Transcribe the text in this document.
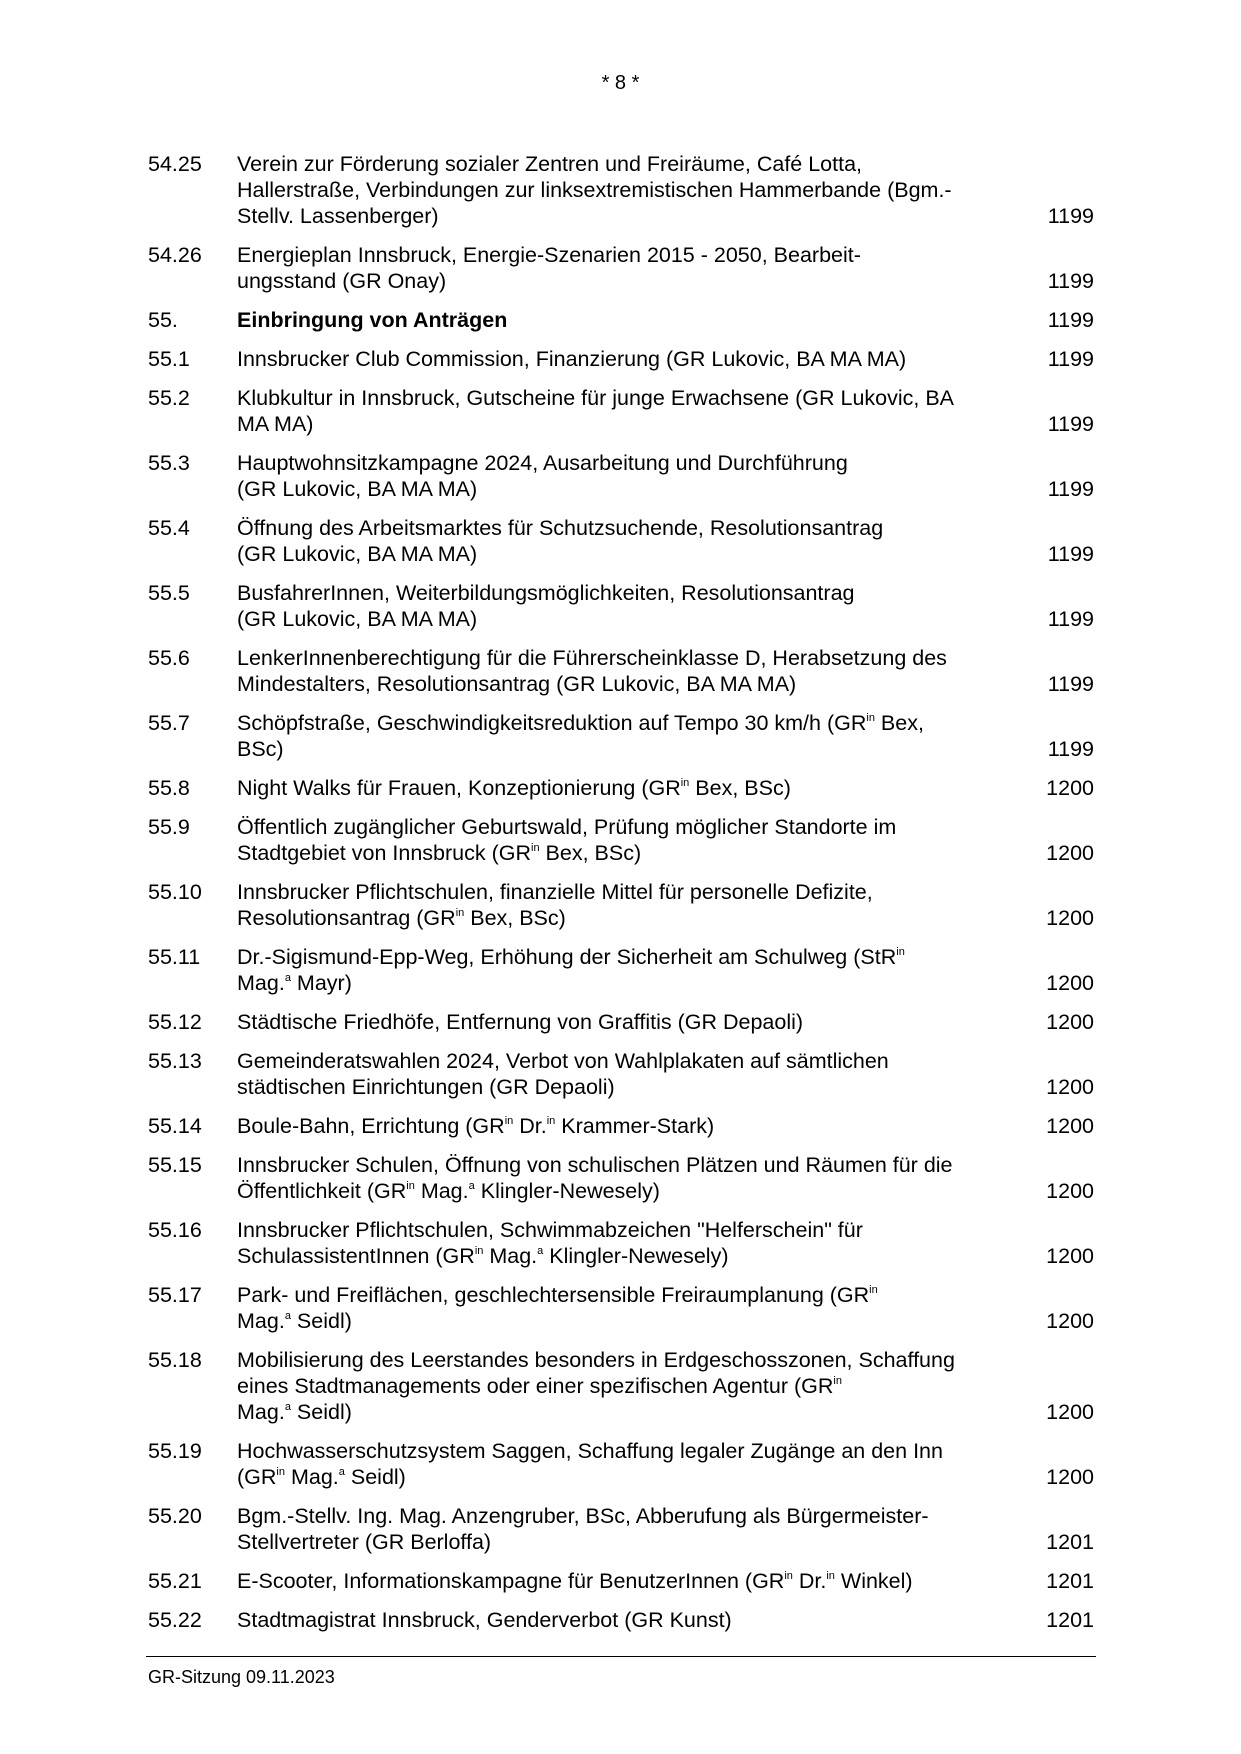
* 8 *
54.25	Verein zur Förderung sozialer Zentren und Freiräume, Café Lotta,
Hallerstraße, Verbindungen zur linksextremistischen Hammerbande (Bgm.-
Stellv. Lassenberger)	1199
54.26	Energieplan Innsbruck, Energie-Szenarien 2015 - 2050, Bearbeit-
ungsstand (GR Onay)	1199
55.	Einbringung von Anträgen	1199
55.1	Innsbrucker Club Commission, Finanzierung (GR Lukovic, BA MA MA)	1199
55.2	Klubkultur in Innsbruck, Gutscheine für junge Erwachsene (GR Lukovic, BA
MA MA)	1199
55.3	Hauptwohnsitzkampagne 2024, Ausarbeitung und Durchführung
(GR Lukovic, BA MA MA)	1199
55.4	Öffnung des Arbeitsmarktes für Schutzsuchende, Resolutionsantrag
(GR Lukovic, BA MA MA)	1199
55.5	BusfahrerInnen, Weiterbildungsmöglichkeiten, Resolutionsantrag
(GR Lukovic, BA MA MA)	1199
55.6	LenkerInnenberechtigung für die Führerscheinklasse D, Herabsetzung des
Mindestalters, Resolutionsantrag (GR Lukovic, BA MA MA)	1199
55.7	Schöpfstraße, Geschwindigkeitsreduktion auf Tempo 30 km/h ($GR^{in}$ Bex,
BSc)	1199
55.8	Night Walks für Frauen, Konzeptionierung ($GR^{in}$ Bex, BSc)	1200
55.9	Öffentlich zugänglicher Geburtswald, Prüfung möglicher Standorte im
Stadtgebiet von Innsbruck ($GR^{in}$ Bex, BSc)	1200
55.10	Innsbrucker Pflichtschulen, finanzielle Mittel für personelle Defizite,
Resolutionsantrag ($GR^{in}$ Bex, BSc)	1200
55.11	Dr.-Sigismund-Epp-Weg, Erhöhung der Sicherheit am Schulweg (StR$^{in}$
Mag.$^a$ Mayr)	1200
55.12	Städtische Friedhöfe, Entfernung von Graffitis (GR Depaoli)	1200
55.13	Gemeinderatswahlen 2024, Verbot von Wahlplakaten auf sämtlichen
städtischen Einrichtungen (GR Depaoli)	1200
55.14	Boule-Bahn, Errichtung ($GR^{in}$ Dr.$^{in}$ Krammer-Stark)	1200
55.15	Innsbrucker Schulen, Öffnung von schulischen Plätzen und Räumen für die
Öffentlichkeit ($GR^{in}$ Mag.$^a$ Klingler-Newesely)	1200
55.16	Innsbrucker Pflichtschulen, Schwimmabzeichen "Helferschein" für
SchulassistentInnen ($GR^{in}$ Mag.$^a$ Klingler-Newesely)	1200
55.17	Park- und Freiflächen, geschlechtersensible Freiraumplanung ($GR^{in}$
Mag.$^a$ Seidl)	1200
55.18	Mobilisierung des Leerstandes besonders in Erdgeschosszonen, Schaffung
eines Stadtmanagements oder einer spezifischen Agentur ($GR^{in}$
Mag.$^a$ Seidl)	1200
55.19	Hochwasserschutzsystem Saggen, Schaffung legaler Zugänge an den Inn
($GR^{in}$ Mag.$^a$ Seidl)	1200
55.20	Bgm.-Stellv. Ing. Mag. Anzengruber, BSc, Abberufung als Bürgermeister-
Stellvertreter (GR Berloffa)	1201
55.21	E-Scooter, Informationskampagne für BenutzerInnen ($GR^{in}$ Dr.$^{in}$ Winkel)	1201
55.22	Stadtmagistrat Innsbruck, Genderverbot (GR Kunst)	1201
GR-Sitzung 09.11.2023
